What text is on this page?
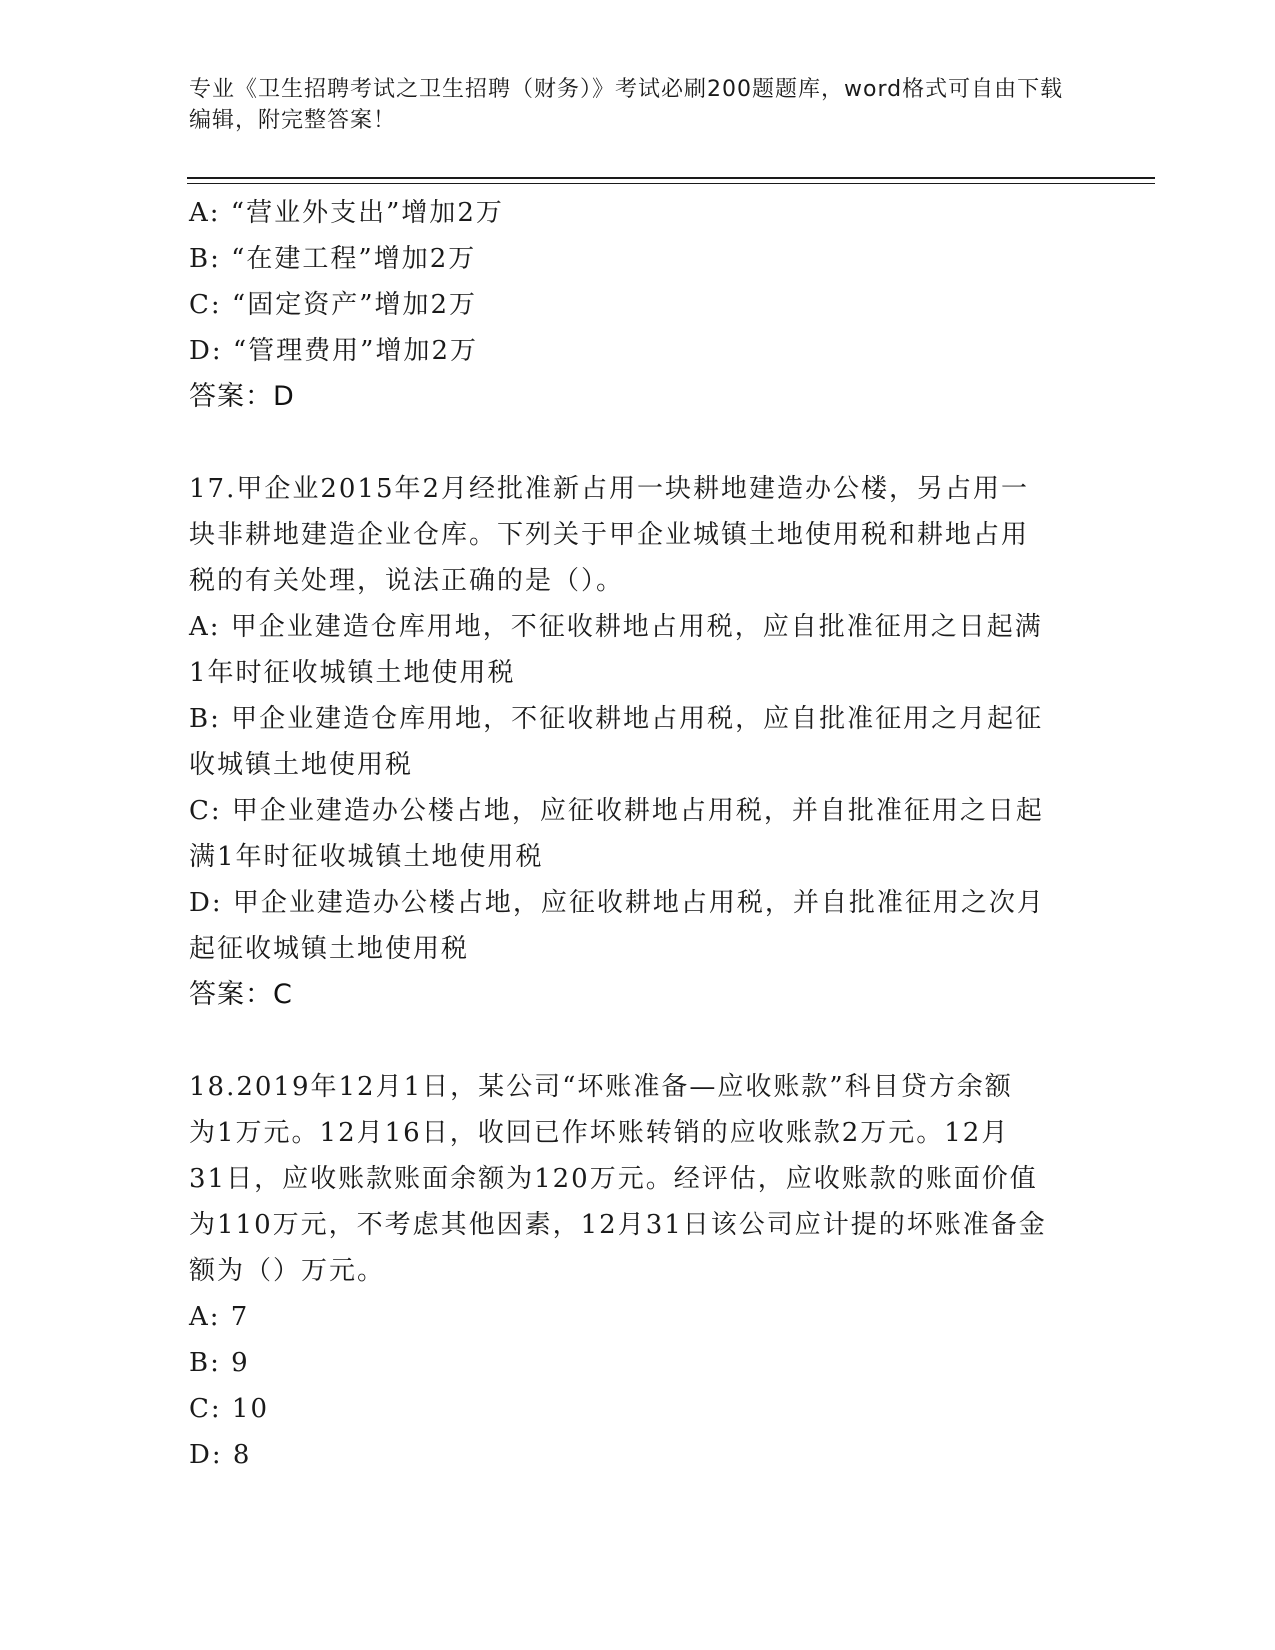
专业《卫生招聘考试之卫生招聘（财务）》考试必刷200题题库，word格式可自由下载编辑，附完整答案！
A: “营业外支出”增加2万
B: “在建工程”增加2万
C: “固定资产”增加2万
D: “管理费用”增加2万
答案：D
17.甲企业2015年2月经批准新占用一块耕地建造办公楼，另占用一
块非耕地建造企业仓库。下列关于甲企业城镇土地使用税和耕地占用
税的有关处理，说法正确的是（）。
A: 甲企业建造仓库用地，不征收耕地占用税，应自批准征用之日起满
1年时征收城镇土地使用税
B: 甲企业建造仓库用地，不征收耕地占用税，应自批准征用之月起征
收城镇土地使用税
C: 甲企业建造办公楼占地，应征收耕地占用税，并自批准征用之日起
满1年时征收城镇土地使用税
D: 甲企业建造办公楼占地，应征收耕地占用税，并自批准征用之次月
起征收城镇土地使用税
答案：C
18.2019年12月1日，某公司“坏账准备—应收账款”科目贷方余额
为1万元。12月16日，收回已作坏账转销的应收账款2万元。12月
31日，应收账款账面余额为120万元。经评估，应收账款的账面价值
为110万元，不考虑其他因素，12月31日该公司应计提的坏账准备金
额为（）万元。
A: 7
B: 9
C: 10
D: 8
